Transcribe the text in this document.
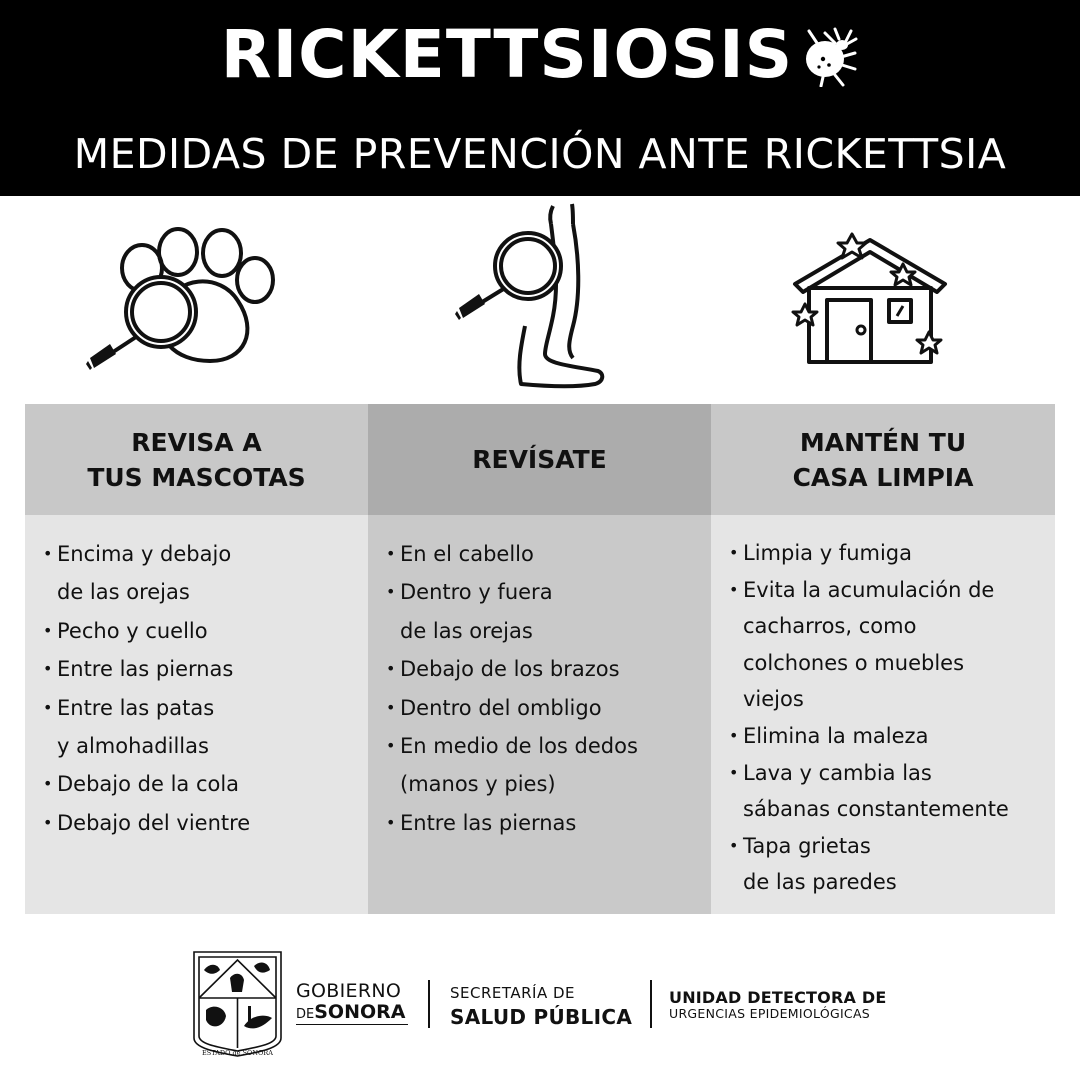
RICKETTSIOSIS
MEDIDAS DE PREVENCIÓN ANTE RICKETTSIA
REVISA A
TUS MASCOTAS
• Encima y debajo
de las orejas
• Pecho y cuello
• Entre las piernas
• Entre las patas
y almohadillas
• Debajo de la cola
• Debajo del vientre
REVÍSATE
• En el cabello
• Dentro y fuera
de las orejas
• Debajo de los brazos
• Dentro del ombligo
• En medio de los dedos
(manos y pies)
• Entre las piernas
MANTÉN TU
CASA LIMPIA
• Limpia y fumiga
• Evita la acumulación de
cacharros, como
colchones o muebles
viejos
• Elimina la maleza
• Lava y cambia las
sábanas constantemente
• Tapa grietas
de las paredes
ESTADO de SONORA
GOBIERNO
DESONORA
SECRETARÍA DE
SALUD PÚBLICA
UNIDAD DETECTORA DE
URGENCIAS EPIDEMIOLÓGICAS
